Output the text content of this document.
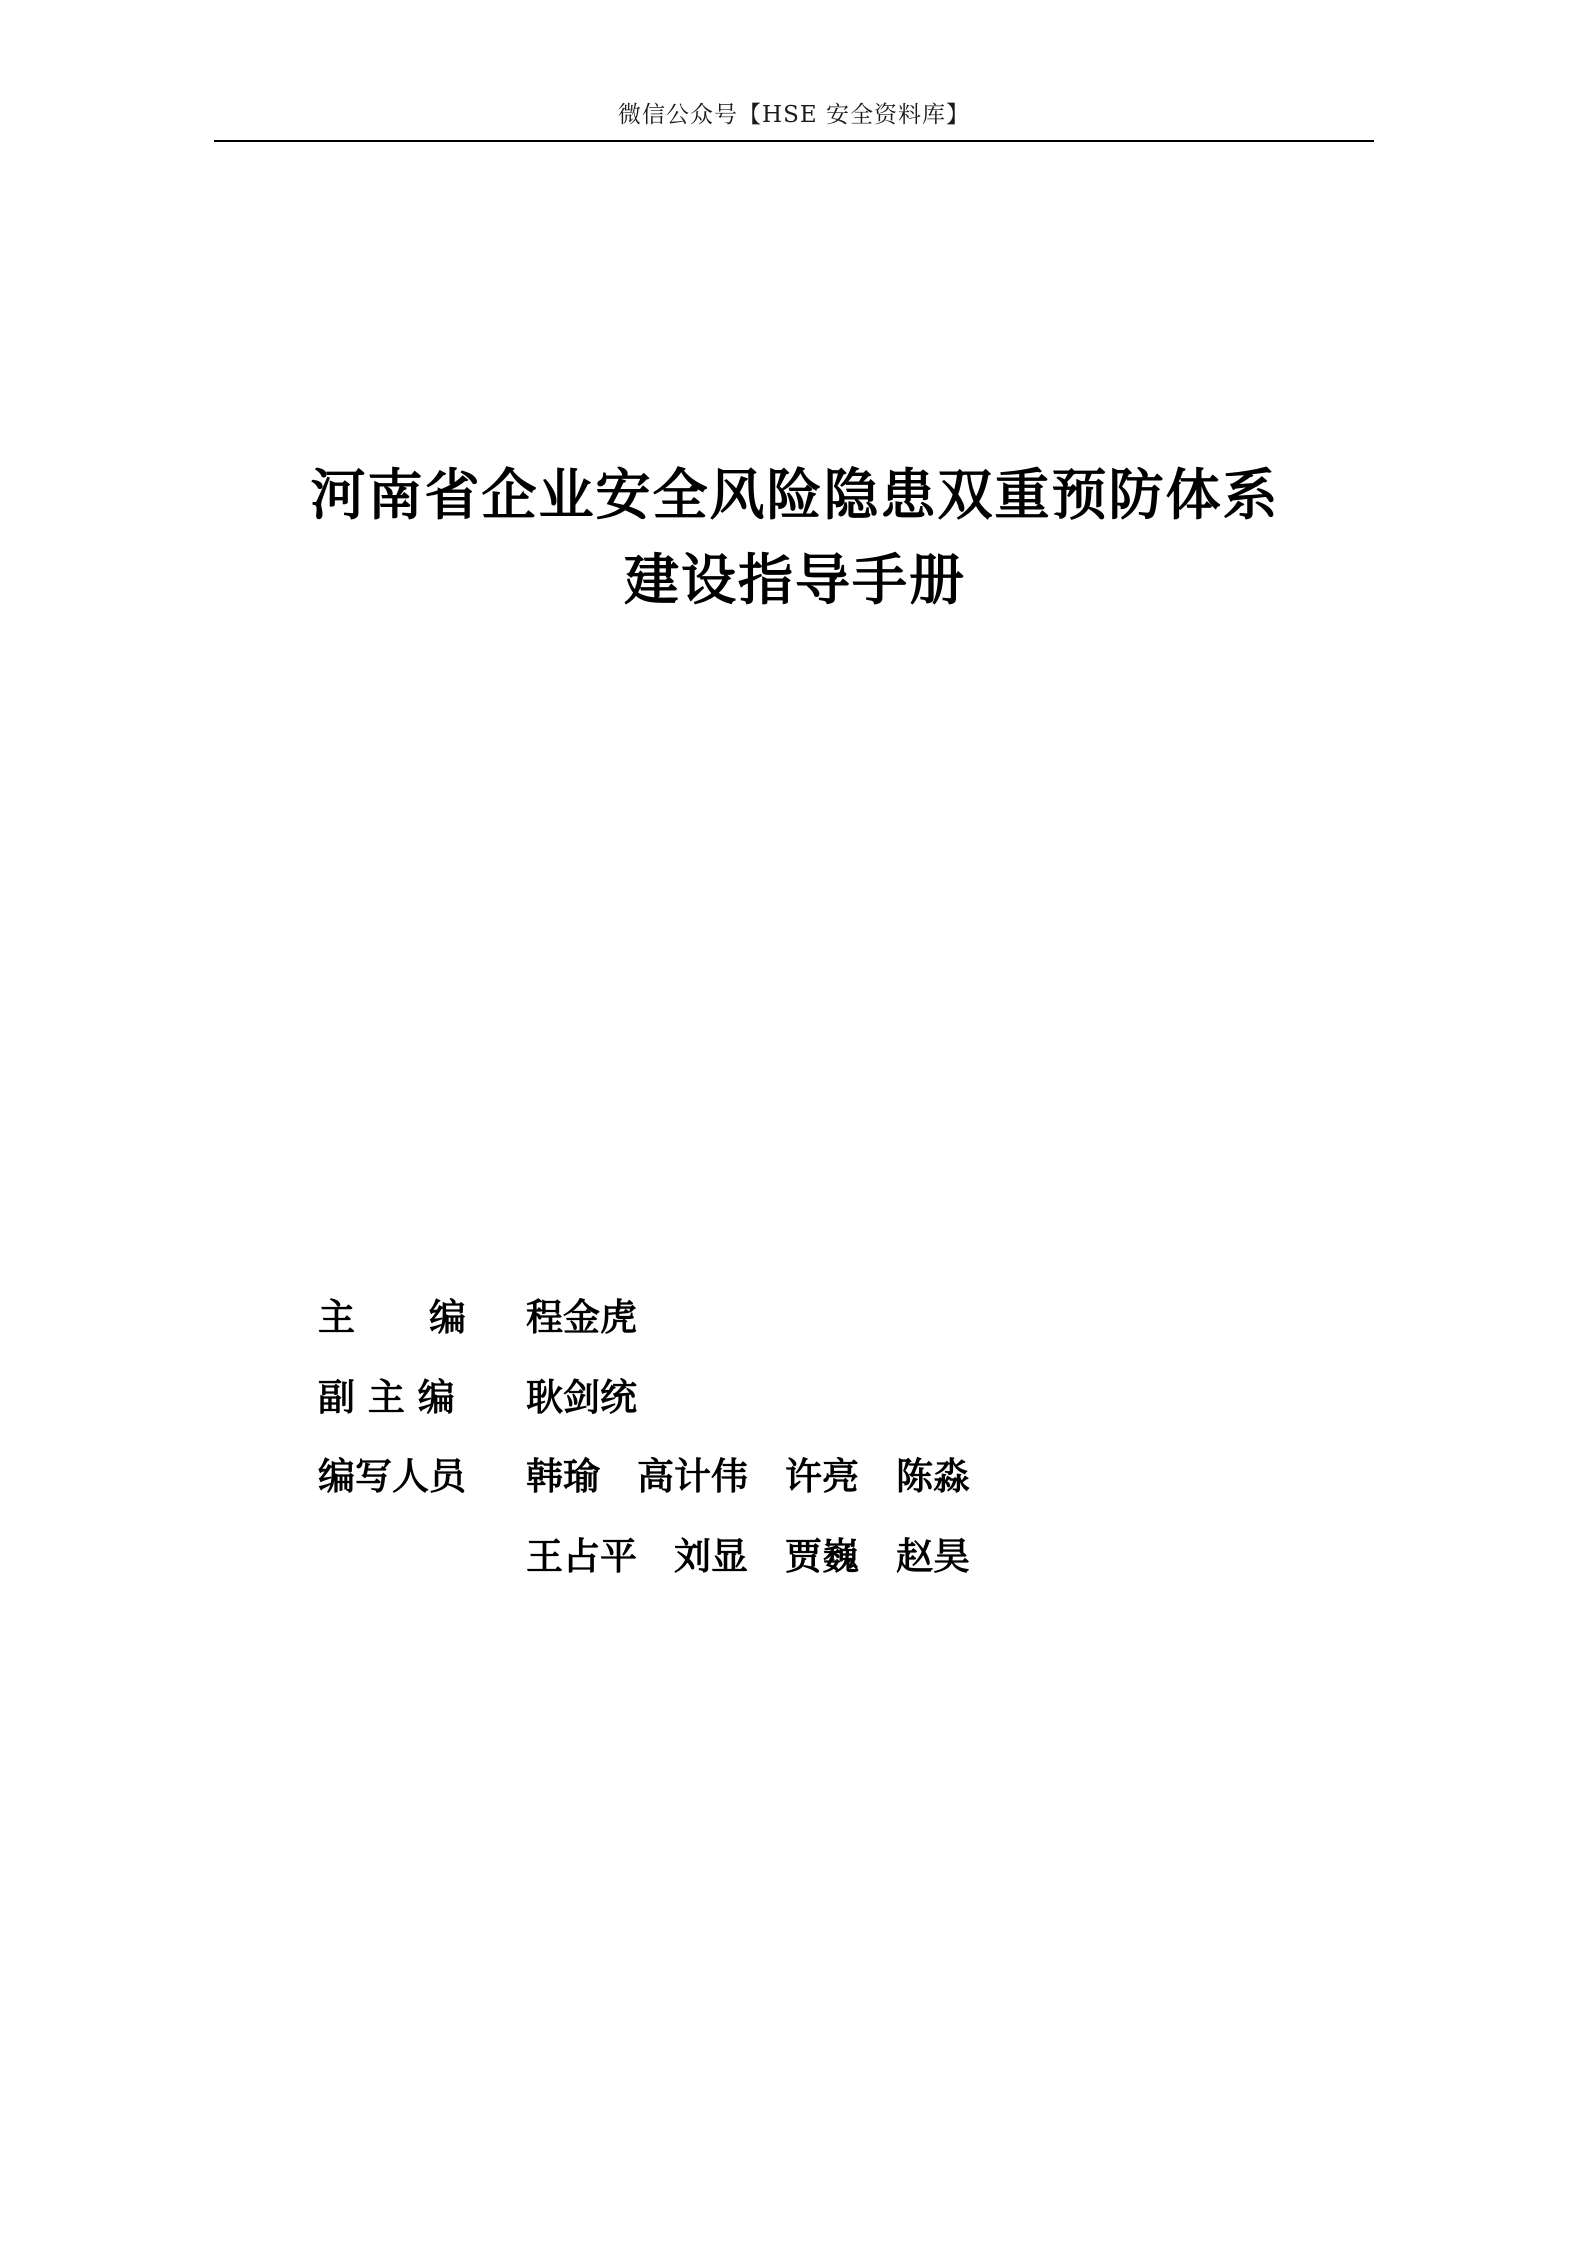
微信公众号【HSE 安全资料库】
河南省企业安全风险隐患双重预防体系
建设指导手册
主　　编	程金虎
副 主 编	耿剑统
编写人员	韩瑜　高计伟　许亮　陈淼
王占平　刘显　贾巍　赵昊
